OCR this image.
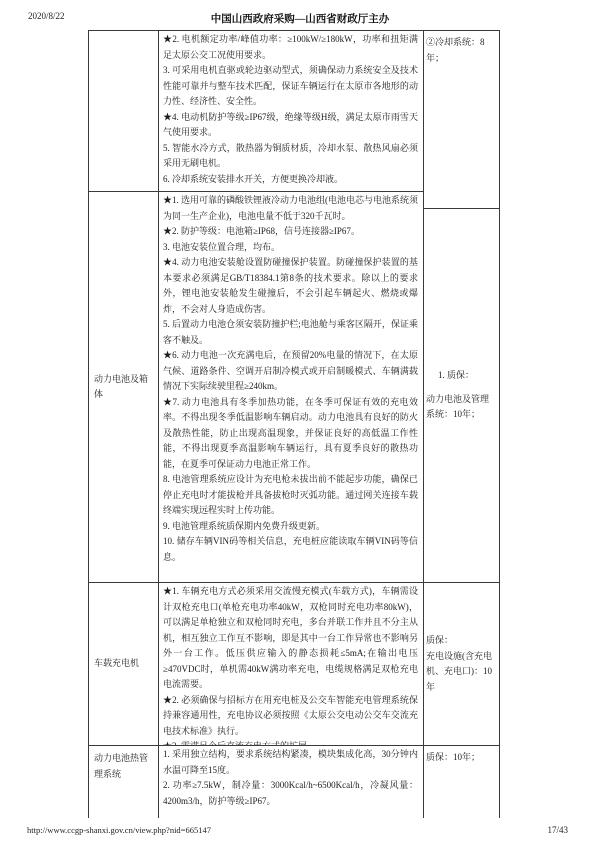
2020/8/22	中国山西政府采购—山西省财政厅主办
动力电池及箱体
车载充电机
动力电池热管理系统

★2. 电机额定功率/峰值功率：≥100kW/≥180kW，功率和扭矩满足太原公交工况使用要求。

3. 可采用电机直驱或轮边驱动型式，须确保动力系统安全及技术性能可靠并与整车技术匹配，保证车辆运行在太原市各地形的动力性、经济性、安全性。

★4. 电动机防护等级≥IP67级，绝缘等级H级，满足太原市雨雪天气使用要求。

5. 智能水冷方式，散热器为铜质材质，冷却水泵、散热风扇必须采用无刷电机。

6. 冷却系统安装排水开关，方便更换冷却液。

★1. 选用可靠的磷酸铁锂液冷动力电池组(电池电芯与电池系统须为同一生产企业)，电池电量不低于320千瓦时。

★2. 防护等级：电池箱≥IP68，信号连接器≥IP67。

3. 电池安装位置合理，均布。

★4. 动力电池安装舱设置防碰撞保护装置。防碰撞保护装置的基本要求必须满足GB/T18384.1第8条的技术要求。除以上的要求外，锂电池安装舱发生碰撞后，不会引起车辆起火、燃烧或爆炸，不会对人身造成伤害。

5. 后置动力电池仓须安装防撞护栏;电池舱与乘客区隔开，保证乘客不触及。

★6. 动力电池一次充满电后，在预留20%电量的情况下，在太原气候、道路条件、空调开启制冷模式或开启制暖模式、车辆满载情况下实际续驶里程≥240km。

★7. 动力电池具有冬季加热功能，在冬季可保证有效的充电效率。不得出现冬季低温影响车辆启动。动力电池具有良好的防火及散热性能，防止出现高温现象，并保证良好的高低温工作性能，不得出现夏季高温影响车辆运行，具有夏季良好的散热功能，在夏季可保证动力电池正常工作。

8. 电池管理系统应设计为充电枪未拔出前不能起步功能，确保已停止充电时才能拔枪并具备拔枪时灭弧功能。通过网关连接车载终端实现远程实时上传功能。

9. 电池管理系统质保期内免费升级更新。

10. 储存车辆VIN码等相关信息，充电桩应能读取车辆VIN码等信息。

★1. 车辆充电方式必须采用交流慢充模式(车载方式)，车辆需设计双枪充电口(单枪充电功率40kW，双枪同时充电功率80kW)，可以满足单枪独立和双枪同时充电，多台并联工作并且不分主从机，相互独立工作互不影响，即是其中一台工作异常也不影响另外一台工作。低压供应输入的静态损耗≤5mA;在输出电压≥470VDC时，单机需40kW满功率充电，电缆规格满足双枪充电电流需要。

★2. 必须确保与招标方在用充电桩及公交车智能充电管理系统保持兼容通用性，充电协议必须按照《太原公交电动公交车交流充电技术标准》执行。

1. 采用独立结构，要求系统结构紧凑，模块集成化高，30分钟内水温可降至15度。

2. 功率≥7.5kW，制冷量：3000Kcal/h~6500Kcal/h，冷凝风量：4200m3/h，防护等级≥IP67。

②冷却系统：8年；

1. 质保：

动力电池及管理系统：10年；

质保：

充电设施(含充电机、充电口)：10年

质保：10年；

http://www.ccgp-shanxi.gov.cn/view.php?nid=665147	17/43
